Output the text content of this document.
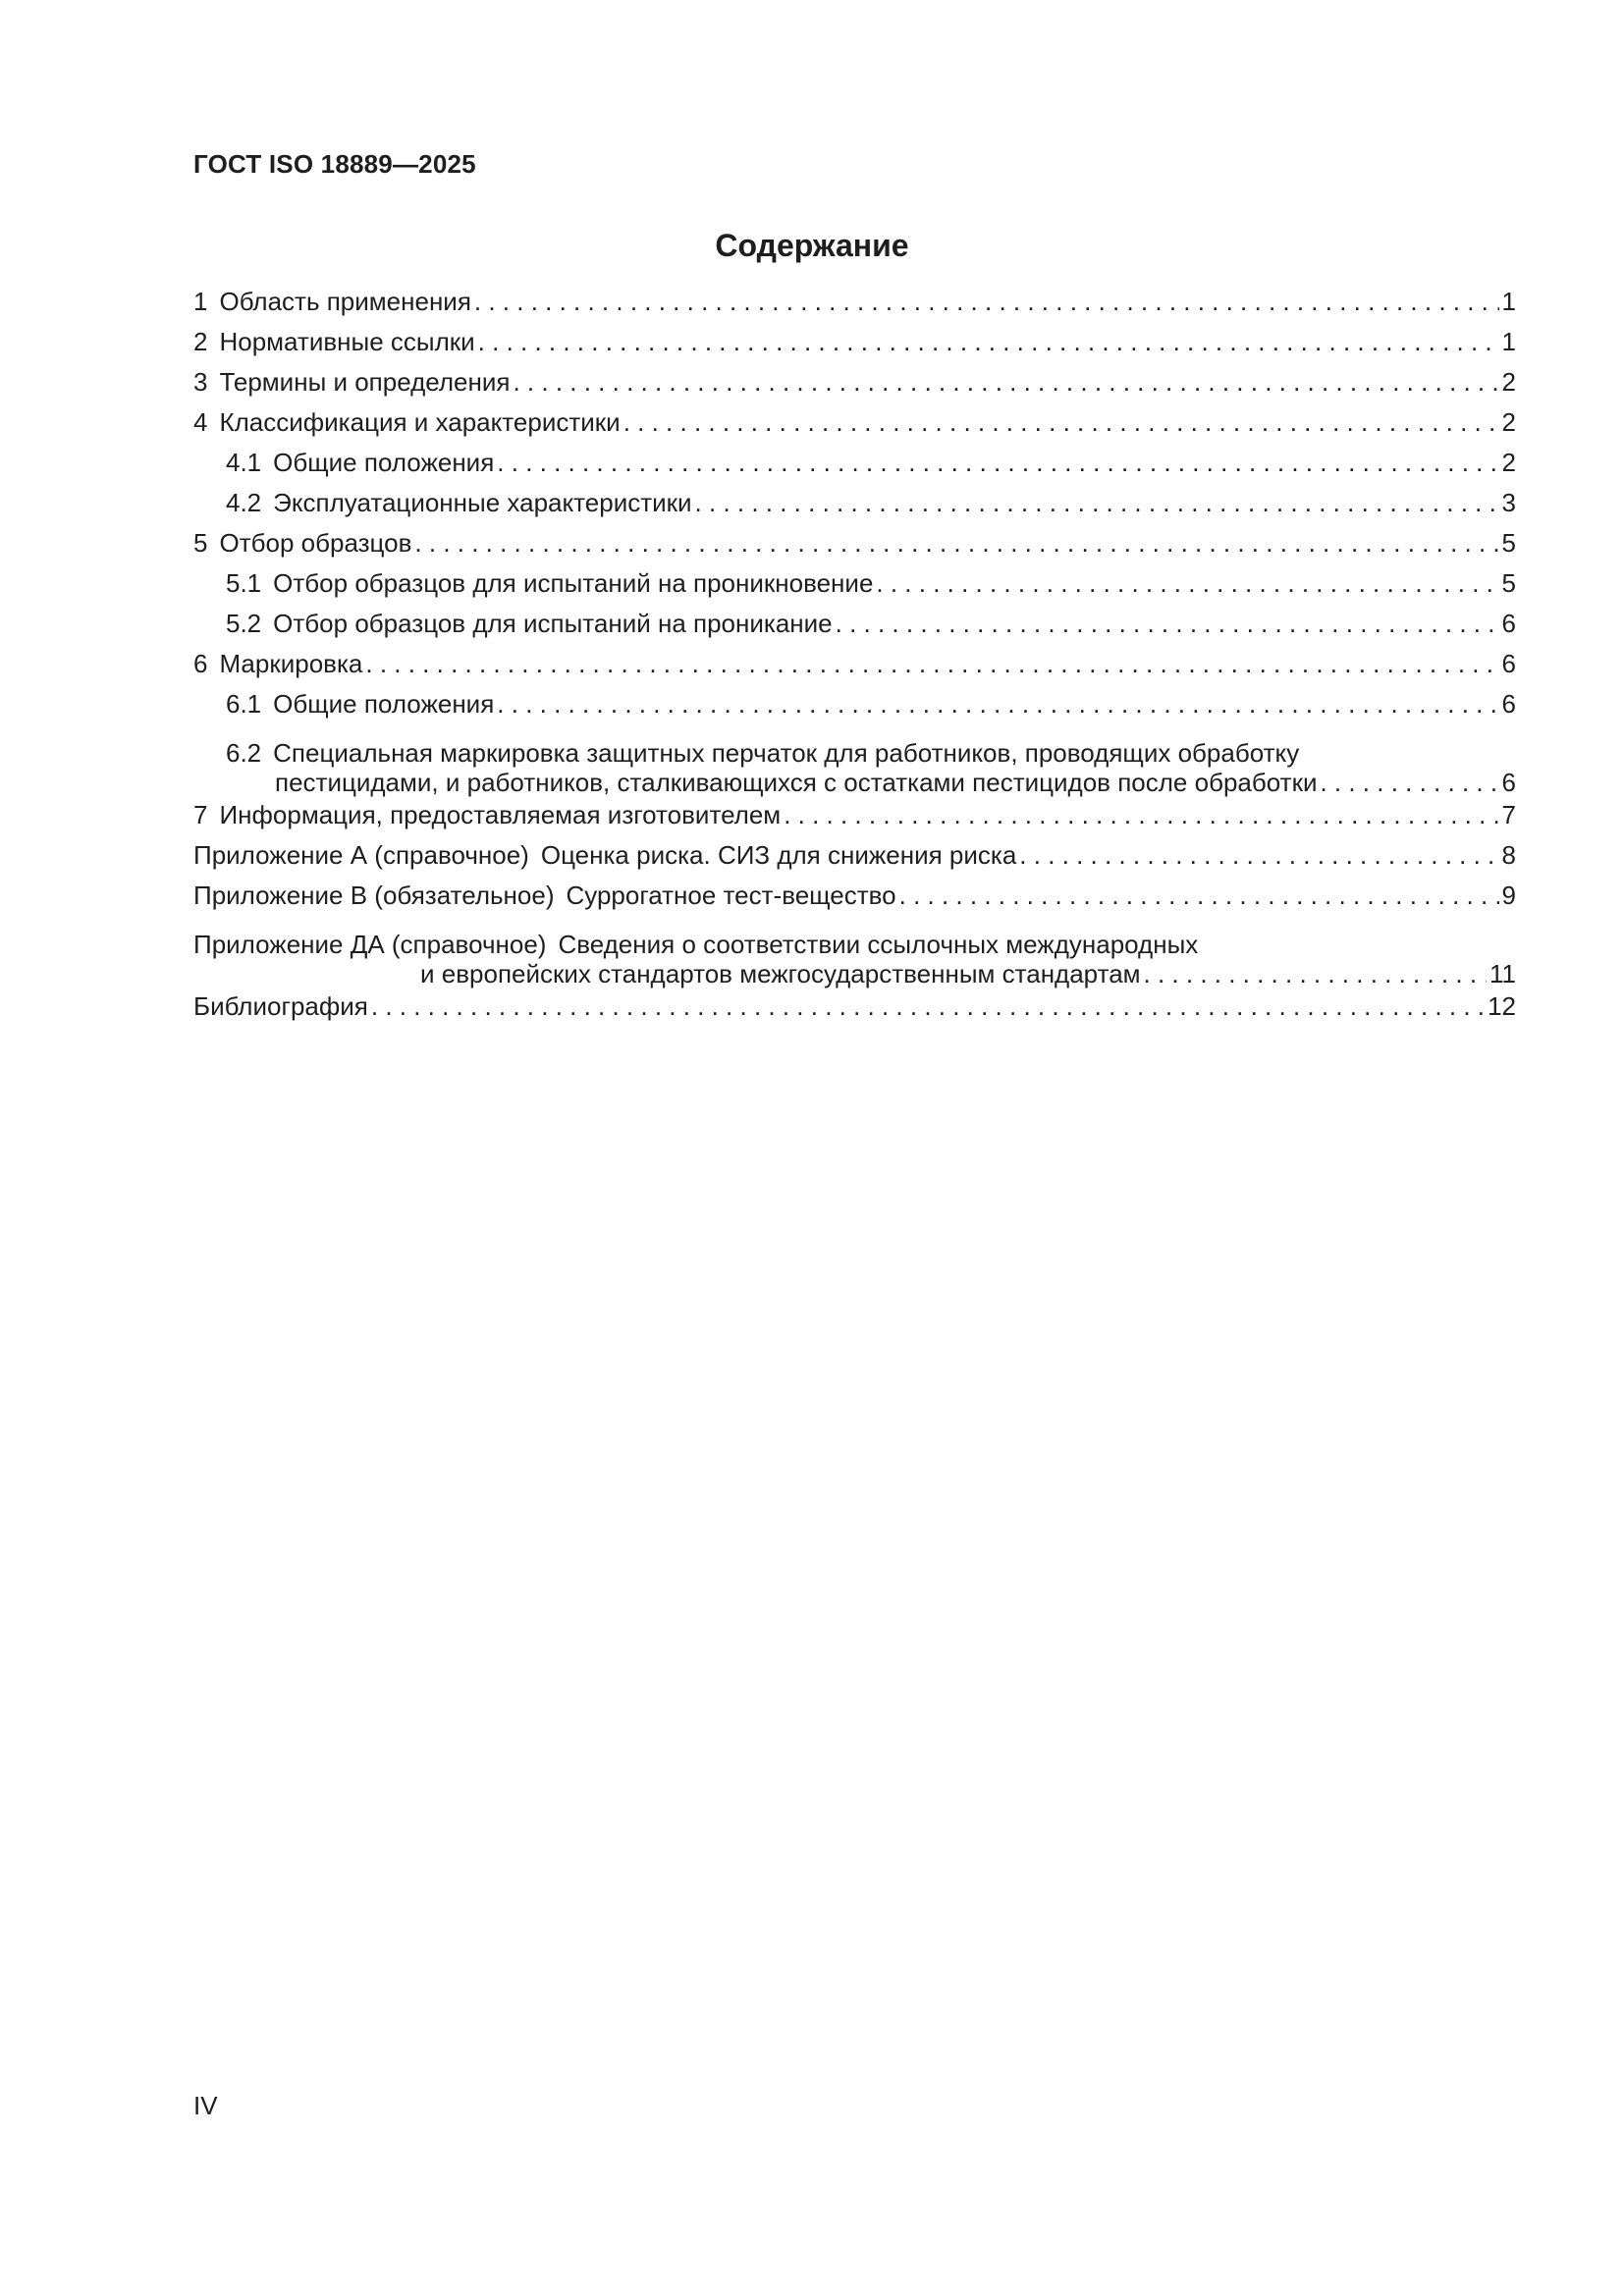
ГОСТ ISO 18889—2025
Содержание
1 Область применения . . .	1
2 Нормативные ссылки . . .	1
3 Термины и определения . . .	2
4 Классификация и характеристики . . .	2
4.1 Общие положения . . .	2
4.2 Эксплуатационные характеристики . . .	3
5 Отбор образцов . . .	5
5.1 Отбор образцов для испытаний на проникновение . . .	5
5.2 Отбор образцов для испытаний на проникание . . .	6
6 Маркировка . . .	6
6.1 Общие положения . . .	6
6.2 Специальная маркировка защитных перчаток для работников, проводящих обработку
пестицидами, и работников, сталкивающихся с остатками пестицидов после обработки . . .	6
7 Информация, предоставляемая изготовителем . . .	7
Приложение А (справочное) Оценка риска. СИЗ для снижения риска . . .	8
Приложение В (обязательное) Суррогатное тест-вещество . . .	9
Приложение ДА (справочное) Сведения о соответствии ссылочных международных
и европейских стандартов межгосударственным стандартам . . .	11
Библиография . . .	12
IV
